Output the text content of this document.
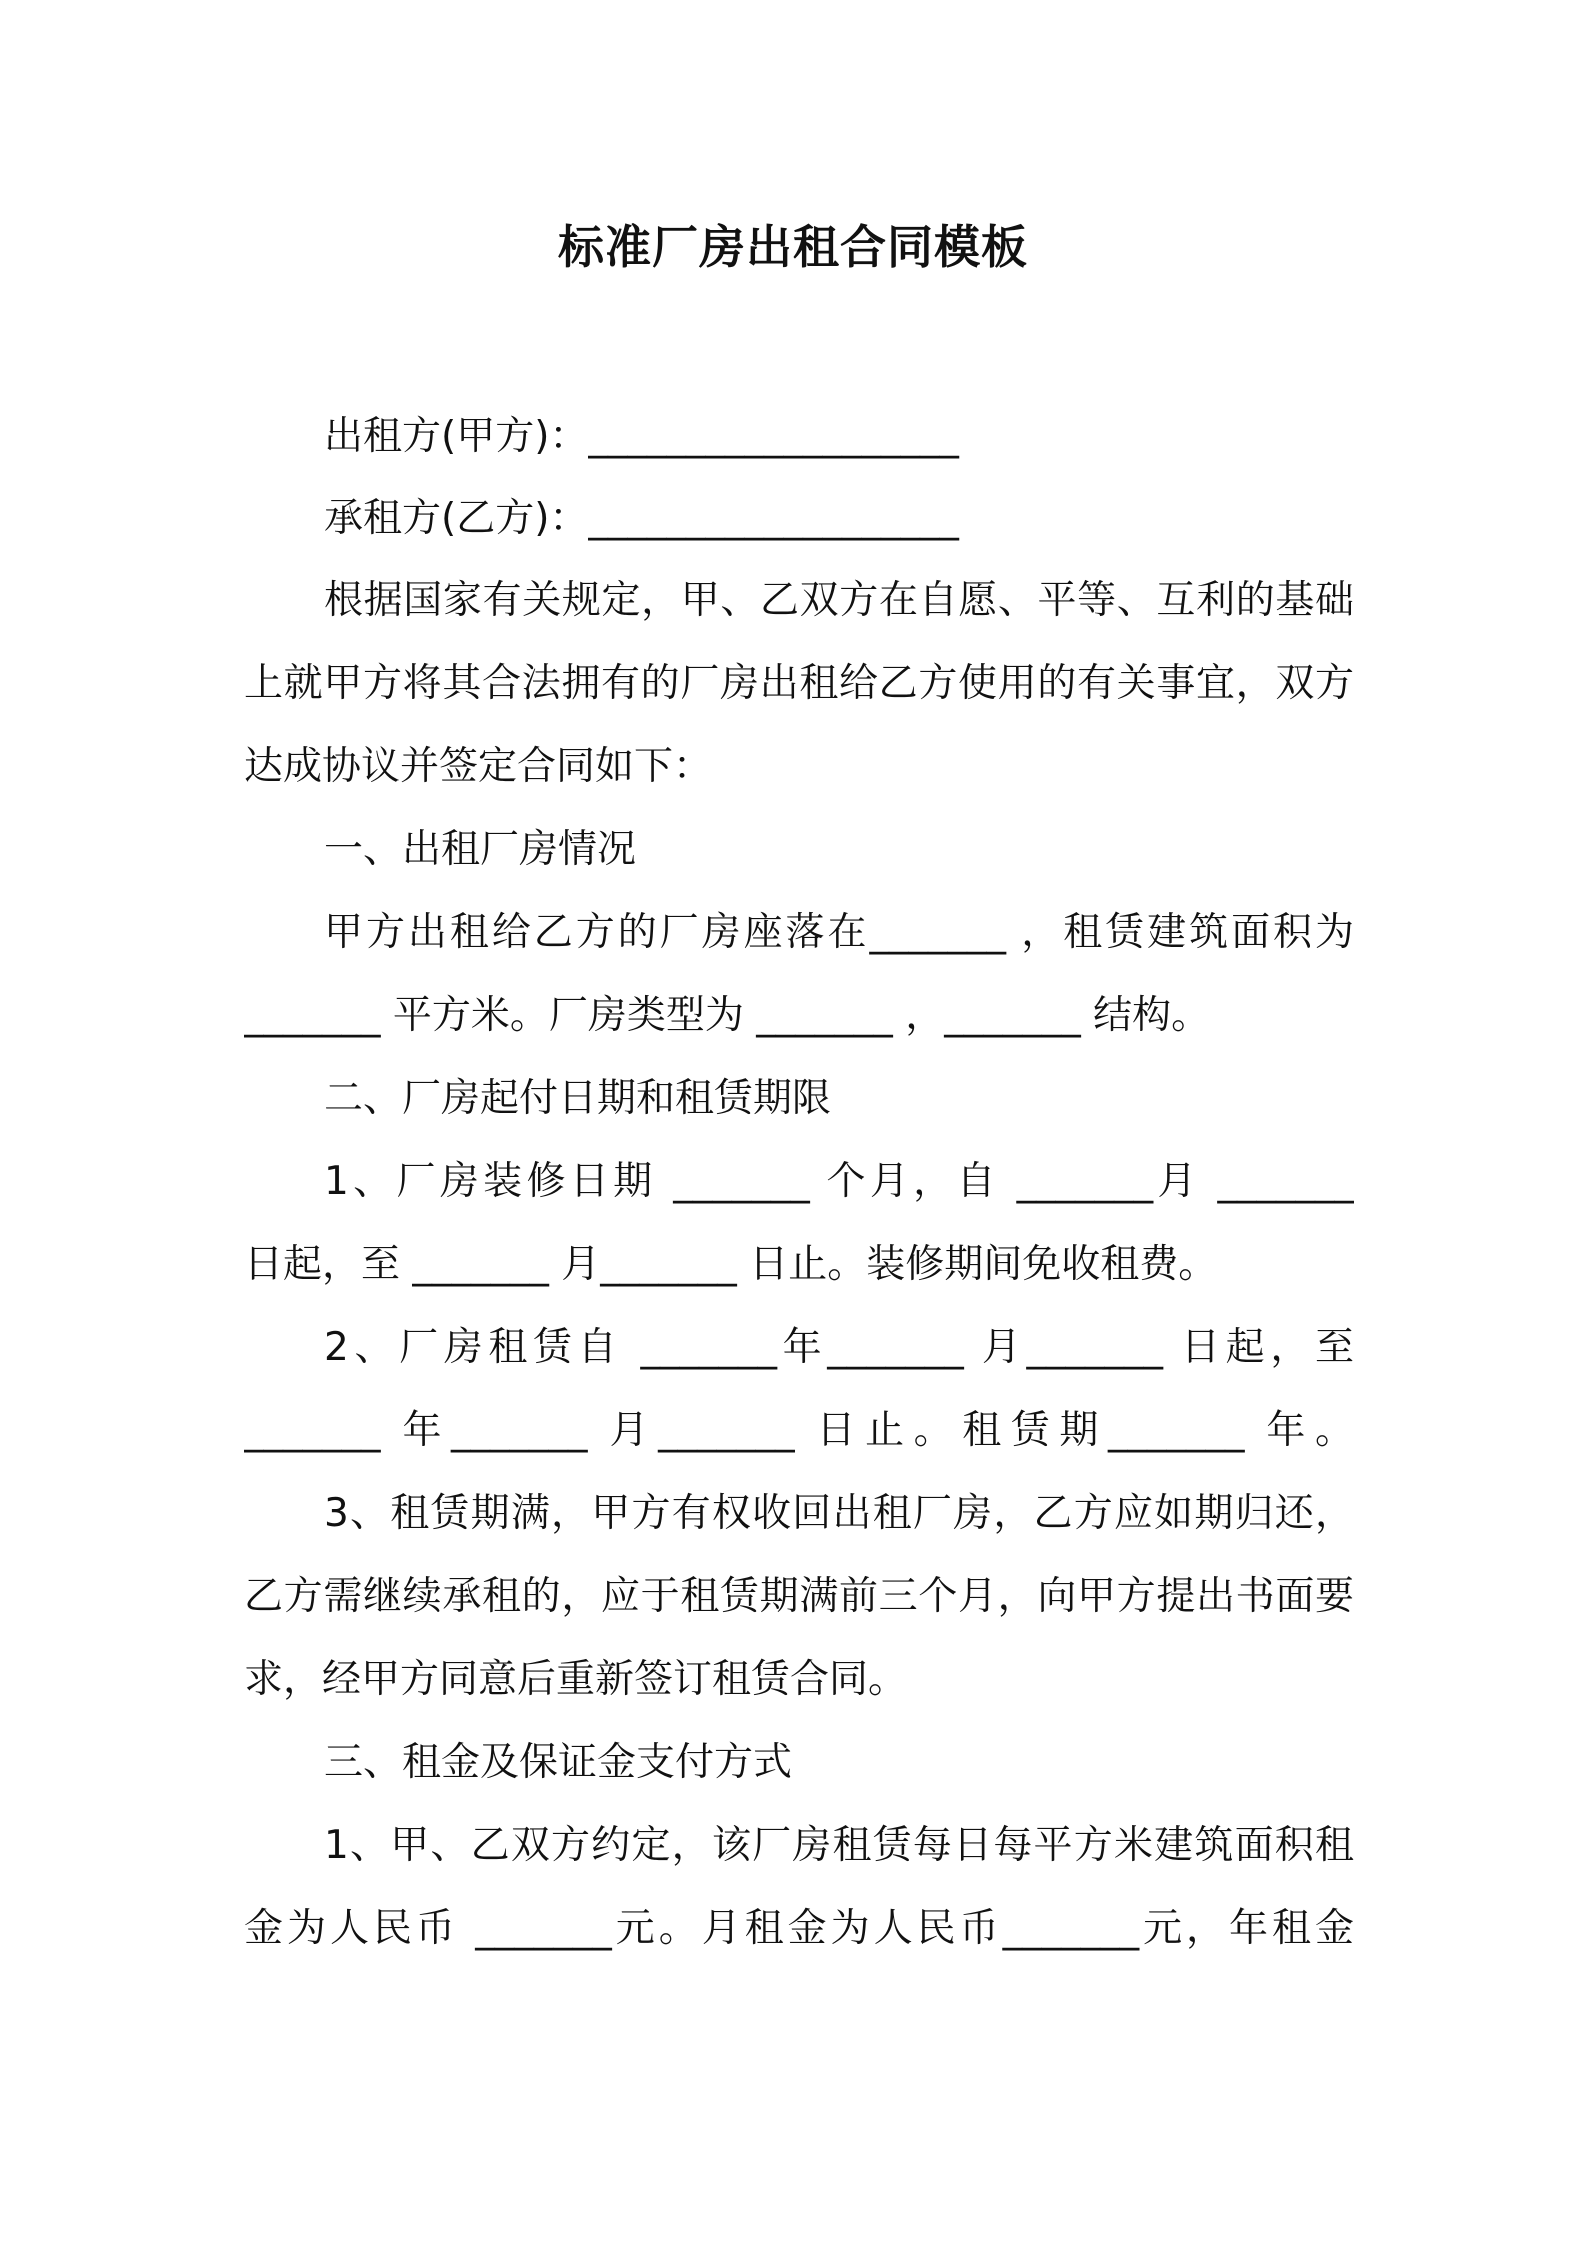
标准厂房出租合同模板
出租方(甲方)：___________________
承租方(乙方)：___________________
根据国家有关规定，甲、乙双方在自愿、平等、互利的基础
上就甲方将其合法拥有的厂房出租给乙方使用的有关事宜，双方
达成协议并签定合同如下：
一、出租厂房情况
甲方出租给乙方的厂房座落在_______ ，租赁建筑面积为
_______ 平方米。厂房类型为 _______ ，_______ 结构。
二、厂房起付日期和租赁期限
1、厂房装修日期 _______ 个月，自 _______月 _______
日起，至 _______ 月_______ 日止。装修期间免收租费。
2、厂房租赁自 _______年_______ 月_______ 日起，至
_______ 年_______ 月_______ 日止。租赁期_______ 年。
3、租赁期满，甲方有权收回出租厂房，乙方应如期归还，
乙方需继续承租的，应于租赁期满前三个月，向甲方提出书面要
求，经甲方同意后重新签订租赁合同。
三、租金及保证金支付方式
1、甲、乙双方约定，该厂房租赁每日每平方米建筑面积租
金为人民币 _______元。月租金为人民币_______元，年租金
